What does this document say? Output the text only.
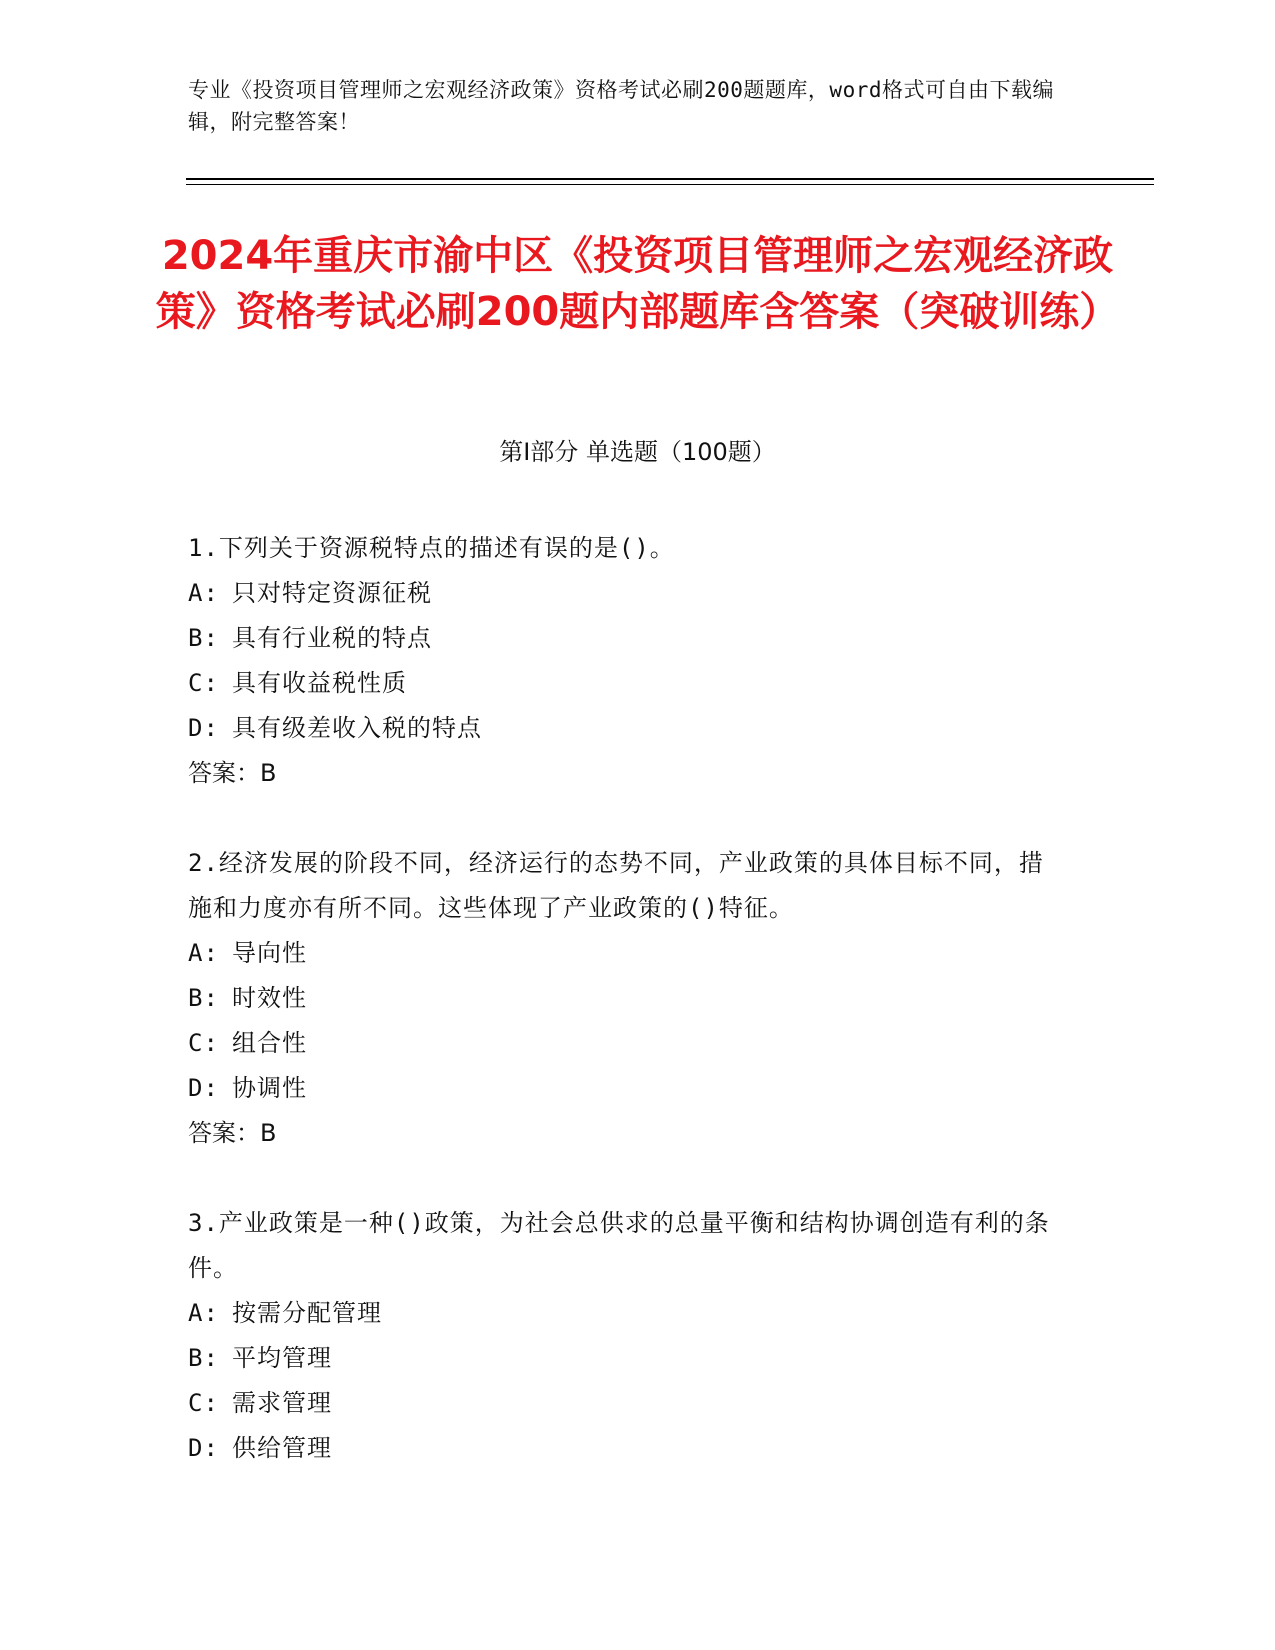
专业《投资项目管理师之宏观经济政策》资格考试必刷200题题库，word格式可自由下载编辑，附完整答案！
2024年重庆市渝中区《投资项目管理师之宏观经济政策》资格考试必刷200题内部题库含答案（突破训练）
第I部分 单选题（100题）

1.下列关于资源税特点的描述有误的是()。

A: 只对特定资源征税

B: 具有行业税的特点

C: 具有收益税性质

D: 具有级差收入税的特点

答案：B

2.经济发展的阶段不同，经济运行的态势不同，产业政策的具体目标不同，措施和力度亦有所不同。这些体现了产业政策的()特征。

A: 导向性

B: 时效性

C: 组合性

D: 协调性

答案：B

3.产业政策是一种()政策，为社会总供求的总量平衡和结构协调创造有利的条件。

A: 按需分配管理

B: 平均管理

C: 需求管理

D: 供给管理
